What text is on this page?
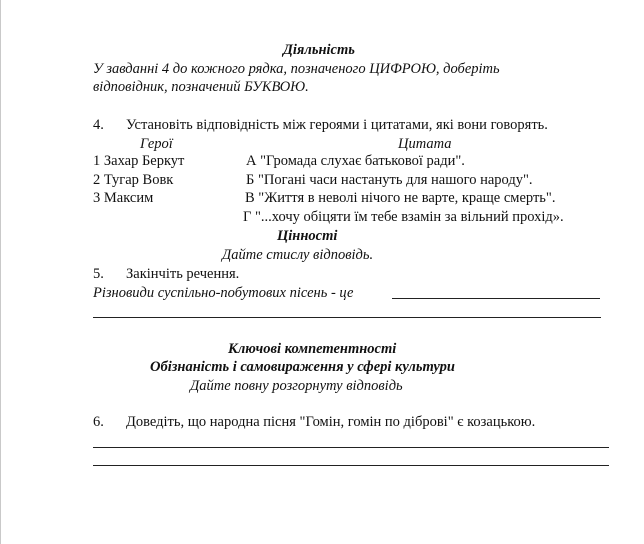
Діяльність
У завданні 4 до кожного рядка, позначеного ЦИФРОЮ, доберіть
відповідник, позначений БУКВОЮ.
4. Установіть відповідність між героями і цитатами, які вони говорять.
Герої	Цитата
1 Захар Беркут
2 Тугар Вовк
3 Максим
А "Громада слухає батькової ради".
Б "Погані часи настануть для нашого народу".
В "Життя в неволі нічого не варте, краще смерть".
Г "...хочу обіцяти їм тебе взамін за вільний прохід».
Цінності
Дайте стислу відповідь.
5. Закінчіть речення.
Різновиди суспільно-побутових пісень - це
Ключові компетентності
Обізнаність і самовираження у сфері культури
Дайте повну розгорнуту відповідь
6. Доведіть, що народна пісня "Гомін, гомін по діброві" є козацькою.
